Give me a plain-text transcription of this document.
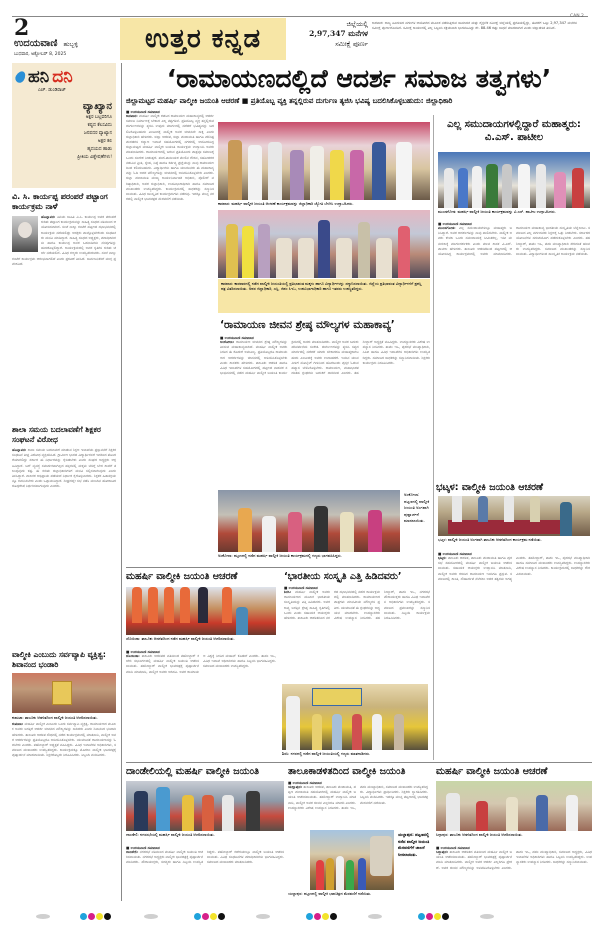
2
ಉದಯವಾಣಿ ಹುಬ್ಬಳ್ಳಿ
ಬುಧವಾರ, ಅಕ್ಟೋಬರ್ 8, 2025
ಉತ್ತರ ಕನ್ನಡ	ಜಿಲ್ಲೆಯಲ್ಲಿ
2,97,347 ಮನೆಗಳ
ಸಮೀಕ್ಷೆ ಪೂರ್ಣ
ಕಾರವಾರ: ರಾಜ್ಯ ಹಿಂದುಳಿದ ವರ್ಗಗಳ ಆಯೋಗದ ಮೂಲಕ ನಡೆಸುತ್ತಿರುವ ಸಾಮಾಜಿಕ ಮತ್ತು ಶೈಕ್ಷಣಿಕ ಸಮೀಕ್ಷೆ ಜಿಲ್ಲೆಯಲ್ಲಿ ಪ್ರಗತಿಯಲ್ಲಿದ್ದು, ಈವರೆಗೆ ಒಟ್ಟು 2,97,347 ಮನೆಗಳ ಸಮೀಕ್ಷೆ ಪೂರ್ಣಗೊಂಡಿದೆ. ಸಮೀಕ್ಷೆ ಕಾರ್ಯದಲ್ಲಿ ಎಲ್ಲ ಸಿಬ್ಬಂದಿ ಸಕ್ರಿಯವಾಗಿ ಭಾಗವಹಿಸಿದ್ದು ಶೇ. 88.46 ರಷ್ಟು ಸಾಧನೆ ಮಾಡಲಾಗಿದೆ ಎಂದು ಜಿಲ್ಲಾಡಳಿತ ತಿಳಿಸಿದೆ.
CAN 2
ಹನಿ ದನಿ
ಎಚ್. ಡುಂಡಿರಾಜ್
ವ್ಯಾಖ್ಯಾನ
ಅಕ್ಷರ ಬಲ್ಲವರಿಗೂ
ಕಷ್ಟದ ಕೆಲಸವಿದು
ಜನಪದರ ವ್ಯಾಖ್ಯಾನ
ಅಕ್ಷರ ಕಲಿ
ಹೃದಯದ ಹಾಡು
ಪ್ರೀತಿಯ ವಿಶ್ಲೇಷಣೆಗಳು!
ವಿ. ಸಿ. ಕಾರ್ಯಪ್ಪ ಪರಂಪರೆ ಪಟ್ಟಾಂಗ ಕಾರ್ಯಕ್ರಮ ನಾಳೆ
ಹೊನ್ನಾವರ: ಹಿರಿಯ ಸಾಹಿತಿ ವಿ.ಸಿ. ಕಾರ್ಯಪ್ಪ ಅವರ ಪರಂಪರೆ ಕುರಿತು ಪಟ್ಟಾಂಗ ಕಾರ್ಯಕ್ರಮವನ್ನು ಸಾಹಿತ್ಯ ಸಂಘದ ವತಿಯಿಂದ ಆಯೋಜಿಸಲಾಗಿದೆ. ಸಂಜೆ ನಾಲ್ಕು ಗಂಟೆಗೆ ಪಟ್ಟಣದ ಸಭಾಭವನದಲ್ಲಿ ಕಾರ್ಯಕ್ರಮ ನಡೆಯಲಿದ್ದು ಆಸಕ್ತರು ಪಾಲ್ಗೊಳ್ಳಬೇಕೆಂದು ಸಂಘಟಕರು ಮನವಿ ಮಾಡಿದ್ದಾರೆ. ಸಾಹಿತ್ಯ ಸಂಘದ ಅಧ್ಯಕ್ಷರು, ಪದಾಧಿಕಾರಿಗಳು ಹಾಗೂ ಕಾರ್ಯಪ್ಪ ಅವರ ಒಡನಾಡಿಗಳು ನೆನಪುಗಳನ್ನು ಹಂಚಿಕೊಳ್ಳಲಿದ್ದಾರೆ. ಕಾರ್ಯಕ್ರಮದಲ್ಲಿ ಅವರ ಕೃತಿಗಳ ಕುರಿತು ಚರ್ಚೆ ನಡೆಯಲಿದೆ. ವಿವಿಧ ಗಣ್ಯರು ಉಪಸ್ಥಿತರಿರುವರು. ಸಂಜೆ ನಾಲ್ಕು ಗಂಟೆಗೆ ಕಾರ್ಯಕ್ರಮ ಆರಂಭವಾಗಲಿದೆ ಎಂದು ಪ್ರಕಟಣೆ ತಿಳಿಸಿದೆ. ಸಾರ್ವಜನಿಕರಿಗೆ ಮುಕ್ತ ಪ್ರವೇಶವಿದೆ.
ಶಾಲಾ ಸಮಯ ಬದಲಾವಣೆಗೆ ಶಿಕ್ಷಕರ ಸಂಘಟನೆ ವಿರೋಧ
ಹೊನ್ನಾವರ: ಶಾಲಾ ಸಮಯ ಬದಲಾವಣೆ ಮಾಡುವ ಶಿಕ್ಷಣ ಇಲಾಖೆಯ ಪ್ರಸ್ತಾವನೆಗೆ ಶಿಕ್ಷಕರ ಸಂಘಟನೆ ತೀವ್ರ ವಿರೋಧ ವ್ಯಕ್ತಪಡಿಸಿದೆ. ಗ್ರಾಮೀಣ ಭಾಗದ ವಿದ್ಯಾರ್ಥಿಗಳಿಗೆ ಇದರಿಂದ ತೊಂದರೆಯಾಗಲಿದ್ದು ಸರ್ಕಾರ ಈ ನಿರ್ಧಾರವನ್ನು ಕೈಬಿಡಬೇಕು ಎಂದು ಸಂಘದ ಅಧ್ಯಕ್ಷರು ಆಗ್ರಹಿಸಿದ್ದಾರೆ. ಬಸ್ ವ್ಯವಸ್ಥೆ ಸಮರ್ಪಕವಾಗಿಲ್ಲದ ಹಳ್ಳಿಗಳಲ್ಲಿ ಮಕ್ಕಳು ಬೆಳಗ್ಗೆ ಬೇಗ ಶಾಲೆಗೆ ತಲುಪುವುದು ಕಷ್ಟ. ಈ ಕುರಿತು ಜಿಲ್ಲಾಧಿಕಾರಿಗಳಿಗೆ ಮನವಿ ಸಲ್ಲಿಸಲಾಗುವುದು ಎಂದು ತಿಳಿಸಿದ್ದಾರೆ. ಪಾಲಕರ ಅಭಿಪ್ರಾಯ ಪಡೆಯದೆ ನಿರ್ಧಾರ ಕೈಗೊಳ್ಳಬಾರದು. ಶಿಕ್ಷಕರ ಹಿತಾಸಕ್ತಿಯನ್ನೂ ಗಮನಿಸಬೇಕು ಎಂದು ಒತ್ತಾಯಿಸಿದ್ದಾರೆ. ಶೀಘ್ರದಲ್ಲೇ ಸಭೆ ನಡೆಸಿ ಮುಂದಿನ ಹೋರಾಟದ ರೂಪುರೇಷೆ ನಿರ್ಧರಿಸಲಾಗುವುದು ಎಂದರು.
ವಾಲ್ಮೀಕಿ ಎಂಬುದು ಸರ್ವವ್ಯಾಪಿ ವ್ಯಕ್ತಿತ್ವ: ಶಿವಾನಂದ ಭಂಡಾರಿ
ಕುಮಟಾ: ತಾಲೂಕು ಆಡಳಿತದಿಂದ ವಾಲ್ಮೀಕಿ ಜಯಂತಿ ಆಚರಿಸಲಾಯಿತು.
ಕುಮಟಾ: ಮಹರ್ಷಿ ವಾಲ್ಮೀಕಿ ಎಂಬುದು ಒಂದು ಸರ್ವವ್ಯಾಪಿ ವ್ಯಕ್ತಿತ್ವ. ರಾಮಾಯಣದ ಮೂಲಕ ಅವರು ಜಗತ್ತಿಗೆ ಆದರ್ಶ ಜೀವನದ ಮೌಲ್ಯಗಳನ್ನು ಸಾರಿದರು ಎಂದು ಶಿವಾನಂದ ಭಂಡಾರಿ ಹೇಳಿದರು. ತಾಲೂಕು ಆಡಳಿತ ಸೌಧದಲ್ಲಿ ನಡೆದ ಕಾರ್ಯಕ್ರಮದಲ್ಲಿ ಮಾತನಾಡಿ, ವಾಲ್ಮೀಕಿ ಅವರ ಆದರ್ಶಗಳನ್ನು ಪ್ರತಿಯೊಬ್ಬರೂ ಅಳವಡಿಸಿಕೊಳ್ಳಬೇಕು. ಯುವಜನತೆ ರಾಮಾಯಣವನ್ನು ಓದಬೇಕು ಎಂದರು. ತಹಶೀಲ್ದಾರ್ ಅಧ್ಯಕ್ಷತೆ ವಹಿಸಿದ್ದರು. ವಿವಿಧ ಇಲಾಖೆಗಳ ಅಧಿಕಾರಿಗಳು, ಸಮಾಜದ ಮುಖಂಡರು ಉಪಸ್ಥಿತರಿದ್ದರು. ಕಾರ್ಯಕ್ರಮಕ್ಕೂ ಮೊದಲು ವಾಲ್ಮೀಕಿ ಭಾವಚಿತ್ರಕ್ಕೆ ಪುಷ್ಪಾರ್ಚನೆ ಮಾಡಲಾಯಿತು. ಶಿಕ್ಷಕರೊಬ್ಬರು ನಿರೂಪಿಸಿದರು. ಸಿಬ್ಬಂದಿ ವಂದಿಸಿದರು.
‘ರಾಮಾಯಣದಲ್ಲಿದೆ ಆದರ್ಶ ಸಮಾಜ ತತ್ವಗಳು’
ಜಿಲ್ಲಾಮಟ್ಟದ ಮಹರ್ಷಿ ವಾಲ್ಮೀಕಿ ಜಯಂತಿ ಆಚರಣೆ ■ ಪ್ರತಿಯೊಬ್ಬ ವ್ಯಕ್ತಿ ತನ್ನಲ್ಲಿರುವ ದುರ್ಗುಣ ತ್ಯಜಿಸಿ ಭವಿಷ್ಯ ಬದಲಿಸಿಕೊಳ್ಳಬಹುದು: ಜಿಲ್ಲಾಧಿಕಾರಿ
■ ಉದಯವಾಣಿ ಸಮಾಚಾರ
ಕಾರವಾರ: ಮಹರ್ಷಿ ವಾಲ್ಮೀಕಿ ರಚಿಸಿದ ರಾಮಾಯಣ ಮಹಾಕಾವ್ಯದಲ್ಲಿ ಆದರ್ಶ ಸಮಾಜ ನಿರ್ಮಾಣಕ್ಕೆ ಬೇಕಾದ ಎಲ್ಲ ತತ್ವಗಳಿವೆ. ಪ್ರತಿಯೊಬ್ಬ ವ್ಯಕ್ತಿ ತನ್ನಲ್ಲಿರುವ ದುರ್ಗುಣಗಳನ್ನು ತ್ಯಜಿಸಿ ಉತ್ತಮ ಮಾರ್ಗದಲ್ಲಿ ನಡೆದರೆ ಭವಿಷ್ಯವನ್ನು ಬದಲಿಸಿಕೊಳ್ಳಬಹುದು ಎಂಬುದಕ್ಕೆ ವಾಲ್ಮೀಕಿ ಅವರ ಜೀವನವೇ ಸಾಕ್ಷಿ ಎಂದು ಜಿಲ್ಲಾಧಿಕಾರಿ ಹೇಳಿದರು. ಜಿಲ್ಲಾ ಆಡಳಿತ, ಜಿಲ್ಲಾ ಪಂಚಾಯಿತಿ ಹಾಗೂ ಪರಿಶಿಷ್ಟ ಪಂಗಡಗಳ ಕಲ್ಯಾಣ ಇಲಾಖೆ ಸಹಯೋಗದಲ್ಲಿ ನಗರದಲ್ಲಿ ಆಯೋಜಿಸಿದ್ದ ಜಿಲ್ಲಾಮಟ್ಟದ ಮಹರ್ಷಿ ವಾಲ್ಮೀಕಿ ಜಯಂತಿ ಕಾರ್ಯಕ್ರಮ ಉದ್ಘಾಟಿಸಿ ಅವರು ಮಾತನಾಡಿದರು. ರಾಮಾಯಣದಲ್ಲಿ ಬರುವ ಪ್ರತಿಯೊಂದು ಪಾತ್ರವೂ ಸಮಾಜಕ್ಕೆ ಒಂದು ಸಂದೇಶ ನೀಡುತ್ತದೆ. ತಂದೆ-ತಾಯಿಯರ ಮೇಲಿನ ಗೌರವ, ಸಹೋದರರ ನಡುವಿನ ಪ್ರೀತಿ, ಸ್ನೇಹ, ನಿಷ್ಠೆ ಹಾಗೂ ಕರ್ತವ್ಯ ಪ್ರಜ್ಞೆಯನ್ನು ನಾವು ರಾಮಾಯಣದಿಂದ ಕಲಿಯಬಹುದು. ವಿದ್ಯಾರ್ಥಿಗಳು ಹಾಗೂ ಯುವಜನರು ಈ ಮಹಾಕಾವ್ಯವನ್ನು ಓದಿ ಅದರ ಮೌಲ್ಯಗಳನ್ನು ಜೀವನದಲ್ಲಿ ಅಳವಡಿಸಿಕೊಳ್ಳಬೇಕು ಎಂದರು. ಜಿಲ್ಲಾ ಪಂಚಾಯಿತಿ ಮುಖ್ಯ ಕಾರ್ಯನಿರ್ವಾಹಕ ಅಧಿಕಾರಿ, ಪೊಲೀಸ್ ವರಿಷ್ಠಾಧಿಕಾರಿ, ಅಪರ ಜಿಲ್ಲಾಧಿಕಾರಿ, ಉಪವಿಭಾಗಾಧಿಕಾರಿ ಹಾಗೂ ಸಮಾಜದ ಮುಖಂಡರು ಉಪಸ್ಥಿತರಿದ್ದರು. ಕಾರ್ಯಕ್ರಮದಲ್ಲಿ ಸಾಧಕರನ್ನು ಸನ್ಮಾನಿಸಲಾಯಿತು. ವಿವಿಧ ಸಾಂಸ್ಕೃತಿಕ ಕಾರ್ಯಕ್ರಮಗಳು ನಡೆದವು. ಇದಕ್ಕೂ ಮುನ್ನ ನಗರದಲ್ಲಿ ವಾಲ್ಮೀಕಿ ಭಾವಚಿತ್ರದ ಮೆರವಣಿಗೆ ನಡೆಯಿತು.
ಕಾರವಾರ: ಮಹರ್ಷಿ ವಾಲ್ಮೀಕಿ ಜಯಂತಿ ಆಚರಣೆ ಕಾರ್ಯಕ್ರಮವನ್ನು ಜಿಲ್ಲಾಧಿಕಾರಿ ಜ್ಯೋತಿ ಬೆಳಗಿಸಿ ಉದ್ಘಾಟಿಸಿದರು.
ಕಾರವಾರ: ಕಾರವಾರದಲ್ಲಿ ನಡೆದ ವಾಲ್ಮೀಕಿ ಜಯಂತಿಯಲ್ಲಿ ಪ್ರತಿಭಾವಂತ ಮಕ್ಕಳು ಹಾಗೂ ವಿದ್ಯಾರ್ಥಿಗಳನ್ನು ಸನ್ಮಾನಿಸಲಾಯಿತು. ಜಿಲ್ಲೆಯ ಪ್ರತಿಭಾವಂತ ವಿದ್ಯಾರ್ಥಿಗಳಿಗೆ ಪ್ರಶಸ್ತಿ ಪತ್ರ ವಿತರಿಸಲಾಯಿತು. ಅಪರ ಜಿಲ್ಲಾಧಿಕಾರಿ, ಎಸ್ಪಿ, ಜಿಪಂ ಸಿಇಒ, ಉಪವಿಭಾಗಾಧಿಕಾರಿ ಹಾಗೂ ಇತರರು ಉಪಸ್ಥಿತರಿದ್ದರು.
ಎಲ್ಲ ಸಮುದಾಯಗಳಲ್ಲಿದ್ದಾರೆ ಮಹಾತ್ಮರು: ವಿ.ಎಸ್. ಪಾಟೀಲ
ಮುಂಡಗೋಡ: ಮಹರ್ಷಿ ವಾಲ್ಮೀಕಿ ಜಯಂತಿ ಕಾರ್ಯಕ್ರಮವನ್ನು ವಿ.ಎಸ್. ಪಾಟೀಲ ಉದ್ಘಾಟಿಸಿದರು.
■ ಉದಯವಾಣಿ ಸಮಾಚಾರ
ಮುಂಡಗೋಡ: ಎಲ್ಲ ಸಮುದಾಯಗಳಲ್ಲೂ ಮಹಾತ್ಮರು ಜನಿಸಿದ್ದಾರೆ. ಅವರ ಆದರ್ಶಗಳನ್ನು ನಾವು ಪಾಲಿಸಬೇಕು. ವಾಲ್ಮೀಕಿ ಅವರು ಕೇವಲ ಒಂದು ಸಮುದಾಯಕ್ಕೆ ಸೀಮಿತರಲ್ಲ, ಇಡೀ ಮನುಕುಲಕ್ಕೆ ಮಾರ್ಗದರ್ಶಕರು ಎಂದು ಮಾಜಿ ಶಾಸಕ ವಿ.ಎಸ್. ಪಾಟೀಲ ಹೇಳಿದರು. ತಾಲೂಕು ಆಡಳಿತದಿಂದ ಪಟ್ಟಣದಲ್ಲಿ ಆಯೋಜಿಸಿದ್ದ ಕಾರ್ಯಕ್ರಮದಲ್ಲಿ ಅವರು ಮಾತನಾಡಿದರು. ರಾಮಾಯಣ ಮಹಾಕಾವ್ಯ ಭಾರತೀಯ ಸಂಸ್ಕೃತಿಯ ಬೆನ್ನೆಲುಬು. ಸಮಾಜದ ಎಲ್ಲ ವರ್ಗದವರು ಶಿಕ್ಷಣಕ್ಕೆ ಒತ್ತು ನೀಡಬೇಕು. ಸರ್ಕಾರದ ಯೋಜನೆಗಳ ಸದುಪಯೋಗ ಪಡೆದುಕೊಳ್ಳಬೇಕು ಎಂದರು. ತಹಶೀಲ್ದಾರ್, ತಾಪಂ ಇಒ, ಪಪಂ ಮುಖ್ಯಾಧಿಕಾರಿ ಸೇರಿದಂತೆ ಹಲವರು ಉಪಸ್ಥಿತರಿದ್ದರು. ಸಮಾಜದ ಮುಖಂಡರನ್ನು ಸನ್ಮಾನಿಸಲಾಯಿತು. ವಿದ್ಯಾರ್ಥಿಗಳಿಂದ ಸಾಂಸ್ಕೃತಿಕ ಕಾರ್ಯಕ್ರಮ ನಡೆಯಿತು.
‘ರಾಮಾಯಣ ಜೀವನ ಶ್ರೇಷ್ಠ ಮೌಲ್ಯಗಳ ಮಹಾಕಾವ್ಯ’
■ ಉದಯವಾಣಿ ಸಮಾಚಾರ
ಅಂಕೋಲಾ: ರಾಮಾಯಣ ಜೀವನದ ಶ್ರೇಷ್ಠ ಮೌಲ್ಯಗಳನ್ನು ತಿಳಿಸುವ ಮಹಾಕಾವ್ಯವಾಗಿದೆ. ಮಹರ್ಷಿ ವಾಲ್ಮೀಕಿ ಅವರು ನೀಡಿದ ಈ ಕೊಡುಗೆ ಅಮೂಲ್ಯ. ಪ್ರತಿಯೊಬ್ಬರೂ ರಾಮಾಯಣದ ಆದರ್ಶಗಳನ್ನು ಜೀವನದಲ್ಲಿ ಅಳವಡಿಸಿಕೊಳ್ಳಬೇಕು ಎಂದು ಶಾಸಕರು ಹೇಳಿದರು. ತಾಲೂಕು ಆಡಳಿತ ಹಾಗೂ ವಿವಿಧ ಇಲಾಖೆಗಳ ಸಹಯೋಗದಲ್ಲಿ ಪಟ್ಟಣದ ನಾಡವರ ಸಭಾಭವನದಲ್ಲಿ ನಡೆದ ಮಹರ್ಷಿ ವಾಲ್ಮೀಕಿ ಜಯಂತಿ ಕಾರ್ಯಕ್ರಮದಲ್ಲಿ ಅವರು ಮಾತನಾಡಿದರು. ವಾಲ್ಮೀಕಿ ಅವರ ಬದುಕು ಪರಿವರ್ತನೆಯ ಸಂಕೇತ. ದುರ್ಗುಣಗಳನ್ನು ತ್ಯಜಿಸಿ ಸತ್ಯದ ಮಾರ್ಗದಲ್ಲಿ ನಡೆದರೆ ಯಾರು ಬೇಕಾದರೂ ಮಹಾತ್ಮರಾಗಬಹುದು ಎಂಬುದಕ್ಕೆ ಅವರು ಉದಾಹರಣೆ. ಇಂದಿನ ಯುವಪೀಳಿಗೆ ಮೊಬೈಲ್ ಗೀಳಿನಿಂದ ಹೊರಬಂದು ಪುಸ್ತಕ ಓದುವ ಹವ್ಯಾಸ ಬೆಳೆಸಿಕೊಳ್ಳಬೇಕು. ರಾಮಾಯಣ, ಮಹಾಭಾರತದಂತಹ ಗ್ರಂಥಗಳು ಬದುಕಿಗೆ ದಾರಿದೀಪ ಎಂದರು. ತಹಶೀಲ್ದಾರ್ ಅಧ್ಯಕ್ಷತೆ ವಹಿಸಿದ್ದರು. ಉಪನ್ಯಾಸಕರು ವಿಶೇಷ ಉಪನ್ಯಾಸ ನೀಡಿದರು. ತಾಪಂ ಇಒ, ಪುರಸಭೆ ಮುಖ್ಯಾಧಿಕಾರಿ, ಸಿಪಿಐ ಹಾಗೂ ವಿವಿಧ ಇಲಾಖೆಗಳ ಅಧಿಕಾರಿಗಳು ಉಪಸ್ಥಿತರಿದ್ದರು. ಸಮಾಜದ ಸಾಧಕರನ್ನು ಸನ್ಮಾನಿಸಲಾಯಿತು. ಶಿಕ್ಷಕರು ಕಾರ್ಯಕ್ರಮ ನಿರೂಪಿಸಿದರು.
ಅಂಕೋಲಾ: ಪಟ್ಟಣದಲ್ಲಿ ನಡೆದ ಮಹರ್ಷಿ ವಾಲ್ಮೀಕಿ ಜಯಂತಿ ಕಾರ್ಯಕ್ರಮದಲ್ಲಿ ಗಣ್ಯರು ಭಾಗವಹಿಸಿದ್ದರು.
ಅಂಕೋಲಾ: ಪಟ್ಟಣದಲ್ಲಿ ವಾಲ್ಮೀಕಿ ಜಯಂತಿ ಅಂಗವಾಗಿ ಪುಷ್ಪಾರ್ಚನೆ ಮಾಡಲಾಯಿತು.
ಭಟ್ಕಳ: ವಾಲ್ಮೀಕಿ ಜಯಂತಿ ಆಚರಣೆ
ಭಟ್ಕಳ: ವಾಲ್ಮೀಕಿ ಜಯಂತಿ ಅಂಗವಾಗಿ ತಾಲೂಕು ಆಡಳಿತದಿಂದ ಕಾರ್ಯಕ್ರಮ ನಡೆಯಿತು.
■ ಉದಯವಾಣಿ ಸಮಾಚಾರ
ಭಟ್ಕಳ: ತಾಲೂಕು ಆಡಳಿತ, ತಾಲೂಕು ಪಂಚಾಯಿತಿ ಹಾಗೂ ಪುರಸಭೆ ಸಹಯೋಗದಲ್ಲಿ ಮಹರ್ಷಿ ವಾಲ್ಮೀಕಿ ಜಯಂತಿ ಆಚರಿಸಲಾಯಿತು. ಸಹಾಯಕ ಆಯುಕ್ತರು ಉದ್ಘಾಟಿಸಿ ಮಾತನಾಡಿ, ವಾಲ್ಮೀಕಿ ಅವರು ರಚಿಸಿದ ರಾಮಾಯಣ ಇಂದಿಗೂ ಪ್ರಸ್ತುತ. ಸಮಾಜದಲ್ಲಿ ಶಾಂತಿ, ಸೌಹಾರ್ದತೆ ನೆಲೆಸಲು ಅದರ ತತ್ವಗಳು ಅಗತ್ಯ ಎಂದರು. ತಹಶೀಲ್ದಾರ್, ತಾಪಂ ಇಒ, ಪುರಸಭೆ ಮುಖ್ಯಾಧಿಕಾರಿ ಹಾಗೂ ಸಮಾಜದ ಮುಖಂಡರು ಉಪಸ್ಥಿತರಿದ್ದರು. ಉಪನ್ಯಾಸಕರು ವಿಶೇಷ ಉಪನ್ಯಾಸ ನೀಡಿದರು. ಕಾರ್ಯಕ್ರಮದಲ್ಲಿ ಸಾಧಕರನ್ನು ಗೌರವಿಸಲಾಯಿತು.
ಮಹರ್ಷಿ ವಾಲ್ಮೀಕಿ ಜಯಂತಿ ಆಚರಣೆ
ಜೊಯಿಡಾ: ತಾಲೂಕು ಆಡಳಿತದಿಂದ ನಡೆದ ಮಹರ್ಷಿ ವಾಲ್ಮೀಕಿ ಜಯಂತಿ ಆಚರಿಸಲಾಯಿತು.
■ ಉದಯವಾಣಿ ಸಮಾಚಾರ
ಜೊಯಿಡಾ: ತಾಲೂಕು ಆಡಳಿತದ ವತಿಯಿಂದ ತಹಶೀಲ್ದಾರ್ ಕಚೇರಿ ಸಭಾಂಗಣದಲ್ಲಿ ಮಹರ್ಷಿ ವಾಲ್ಮೀಕಿ ಜಯಂತಿ ಆಚರಿಸಲಾಯಿತು. ತಹಶೀಲ್ದಾರ್ ವಾಲ್ಮೀಕಿ ಭಾವಚಿತ್ರಕ್ಕೆ ಪುಷ್ಪಾರ್ಚನೆ ಮಾಡಿ ಮಾತನಾಡಿ, ವಾಲ್ಮೀಕಿ ಅವರು ಆದಿಕವಿ. ಅವರ ರಾಮಾಯಣ ವಿಶ್ವಕ್ಕೆ ನೀಡಿದ ಮಹಾನ್ ಕೊಡುಗೆ ಎಂದರು. ತಾಪಂ ಇಒ, ವಿವಿಧ ಇಲಾಖೆ ಅಧಿಕಾರಿಗಳು ಹಾಗೂ ಸಿಬ್ಬಂದಿ ಭಾಗವಹಿಸಿದ್ದರು. ಸಮಾಜದ ಮುಖಂಡರು ಉಪಸ್ಥಿತರಿದ್ದರು.
‘ಭಾರತೀಯ ಸಂಸ್ಕೃತಿ ಎತ್ತಿ ಹಿಡಿದವರು’
■ ಉದಯವಾಣಿ ಸಮಾಚಾರ
ಶಿರಸಿ: ಮಹರ್ಷಿ ವಾಲ್ಮೀಕಿ ಅವರು ರಾಮಾಯಣದ ಮೂಲಕ ಭಾರತೀಯ ಸಂಸ್ಕೃತಿಯನ್ನು ಎತ್ತಿ ಹಿಡಿದವರು. ಅವರ ಕಾವ್ಯ ಜಗತ್ತಿನ ಶ್ರೇಷ್ಠ ಸಾಹಿತ್ಯ ಕೃತಿಗಳಲ್ಲಿ ಒಂದು ಎಂದು ಸಹಾಯಕ ಆಯುಕ್ತರು ಹೇಳಿದರು. ತಾಲೂಕು ಆಡಳಿತದಿಂದ ನಗರದ ಸಭಾಭವನದಲ್ಲಿ ನಡೆದ ಕಾರ್ಯಕ್ರಮದಲ್ಲಿ ಮಾತನಾಡಿದರು. ರಾಮಾಯಣದ ಪಾತ್ರಗಳು ಮಾನವೀಯ ಮೌಲ್ಯಗಳ ಪ್ರತೀಕ. ಯುವಜನತೆ ಈ ಗ್ರಂಥಗಳನ್ನು ಅಧ್ಯಯನ ಮಾಡಬೇಕು. ಉಪನ್ಯಾಸಕರು ವಿಶೇಷ ಉಪನ್ಯಾಸ ನೀಡಿದರು. ತಹಶೀಲ್ದಾರ್, ತಾಪಂ ಇಒ, ನಗರಸಭೆ ಪೌರಾಯುಕ್ತರು ಹಾಗೂ ವಿವಿಧ ಇಲಾಖೆಗಳ ಅಧಿಕಾರಿಗಳು ಉಪಸ್ಥಿತರಿದ್ದರು. ಸಮಾಜದ ಪ್ರಮುಖರನ್ನು ಸನ್ಮಾನಿಸಲಾಯಿತು. ಸಿಬ್ಬಂದಿ ಕಾರ್ಯಕ್ರಮ ನಿರೂಪಿಸಿದರು.
ಶಿರಸಿ: ನಗರದಲ್ಲಿ ನಡೆದ ವಾಲ್ಮೀಕಿ ಜಯಂತಿಯಲ್ಲಿ ಗಣ್ಯರು ಮಾತನಾಡಿದರು.
ದಾಂಡೇಲಿಯಲ್ಲಿ ಮಹರ್ಷಿ ವಾಲ್ಮೀಕಿ ಜಯಂತಿ
ದಾಂಡೇಲಿ: ನಗರಸಭೆಯಲ್ಲಿ ಮಹರ್ಷಿ ವಾಲ್ಮೀಕಿ ಜಯಂತಿ ಆಚರಿಸಲಾಯಿತು.
■ ಉದಯವಾಣಿ ಸಮಾಚಾರ
ದಾಂಡೇಲಿ: ನಗರಸಭೆ ವತಿಯಿಂದ ಮಹರ್ಷಿ ವಾಲ್ಮೀಕಿ ಜಯಂತಿ ಆಚರಿಸಲಾಯಿತು. ನಗರಸಭೆ ಅಧ್ಯಕ್ಷರು ವಾಲ್ಮೀಕಿ ಭಾವಚಿತ್ರಕ್ಕೆ ಪುಷ್ಪಾರ್ಚನೆ ಮಾಡಿದರು. ಪೌರಾಯುಕ್ತರು, ಸದಸ್ಯರು ಹಾಗೂ ಸಿಬ್ಬಂದಿ ಉಪಸ್ಥಿತರಿದ್ದರು. ತಹಶೀಲ್ದಾರ್ ಕಚೇರಿಯಲ್ಲೂ ವಾಲ್ಮೀಕಿ ಜಯಂತಿ ಆಚರಿಸಲಾಯಿತು. ವಿವಿಧ ಸಂಘಟನೆಗಳ ಪದಾಧಿಕಾರಿಗಳು ಭಾಗವಹಿಸಿದ್ದರು. ಸಮಾಜದ ಮುಖಂಡರು ಮಾತನಾಡಿದರು.
ತಾಲೂಕಾಡಳಿತದಿಂದ ವಾಲ್ಮೀಕಿ ಜಯಂತಿ
■ ಉದಯವಾಣಿ ಸಮಾಚಾರ
ಯಲ್ಲಾಪುರ: ತಾಲೂಕು ಆಡಳಿತ, ತಾಲೂಕು ಪಂಚಾಯಿತಿ, ಪಟ್ಟಣ ಪಂಚಾಯಿತಿ ಸಹಯೋಗದಲ್ಲಿ ಮಹರ್ಷಿ ವಾಲ್ಮೀಕಿ ಜಯಂತಿ ಆಚರಿಸಲಾಯಿತು. ತಹಶೀಲ್ದಾರ್ ಉದ್ಘಾಟಿಸಿ ಮಾತನಾಡಿ, ವಾಲ್ಮೀಕಿ ಅವರ ಜೀವನ ಎಲ್ಲರಿಗೂ ಮಾದರಿ ಎಂದರು. ಉಪನ್ಯಾಸಕರು ವಿಶೇಷ ಉಪನ್ಯಾಸ ನೀಡಿದರು. ತಾಪಂ ಇಒ, ಪಪಂ ಮುಖ್ಯಾಧಿಕಾರಿ, ಸಮಾಜದ ಮುಖಂಡರು ಉಪಸ್ಥಿತರಿದ್ದರು. ವಿದ್ಯಾರ್ಥಿಗಳು ಪ್ರಾರ್ಥಿಸಿದರು. ಶಿಕ್ಷಕರು ಸ್ವಾಗತಿಸಿದರು. ಸಿಬ್ಬಂದಿ ವಂದಿಸಿದರು. ಇದಕ್ಕೂ ಮುನ್ನ ಪಟ್ಟಣದಲ್ಲಿ ಭಾವಚಿತ್ರ ಮೆರವಣಿಗೆ ನಡೆಯಿತು.
ಮಹರ್ಷಿ ವಾಲ್ಮೀಕಿ ಜಯಂತಿ ಆಚರಣೆ
ಯಲ್ಲಾಪುರ: ಪಟ್ಟಣದಲ್ಲಿ ನಡೆದ ವಾಲ್ಮೀಕಿ ಜಯಂತಿ ಮೆರವಣಿಗೆಗೆ ಚಾಲನೆ ನೀಡಲಾಯಿತು.
ಯಲ್ಲಾಪುರ: ಪಟ್ಟಣದಲ್ಲಿ ವಾಲ್ಮೀಕಿ ಭಾವಚಿತ್ರದ ಮೆರವಣಿಗೆ ನಡೆಯಿತು.
ಸಿದ್ದಾಪುರ: ತಾಲೂಕು ಆಡಳಿತದಿಂದ ವಾಲ್ಮೀಕಿ ಜಯಂತಿ ಆಚರಿಸಲಾಯಿತು.
■ ಉದಯವಾಣಿ ಸಮಾಚಾರ
ಸಿದ್ದಾಪುರ: ತಾಲೂಕು ಆಡಳಿತದ ವತಿಯಿಂದ ಮಹರ್ಷಿ ವಾಲ್ಮೀಕಿ ಜಯಂತಿ ಆಚರಿಸಲಾಯಿತು. ತಹಶೀಲ್ದಾರ್ ಭಾವಚಿತ್ರಕ್ಕೆ ಪುಷ್ಪಾರ್ಚನೆ ಮಾಡಿ ಮಾತನಾಡಿದರು. ವಾಲ್ಮೀಕಿ ಅವರ ಆದರ್ಶ ಎಲ್ಲರಿಗೂ ಪ್ರೇರಣೆ. ಅವರ ಜೀವನ ಮೌಲ್ಯಗಳನ್ನು ಅಳವಡಿಸಿಕೊಳ್ಳಬೇಕು ಎಂದರು. ತಾಪಂ ಇಒ, ಪಪಂ ಮುಖ್ಯಾಧಿಕಾರಿ, ಸಮಾಜದ ಅಧ್ಯಕ್ಷರು, ವಿವಿಧ ಇಲಾಖೆಗಳ ಅಧಿಕಾರಿಗಳು ಹಾಗೂ ಸಿಬ್ಬಂದಿ ಉಪಸ್ಥಿತರಿದ್ದರು. ಉಪನ್ಯಾಸಕರು ಉಪನ್ಯಾಸ ನೀಡಿದರು. ಸಾಧಕರನ್ನು ಸನ್ಮಾನಿಸಲಾಯಿತು.
